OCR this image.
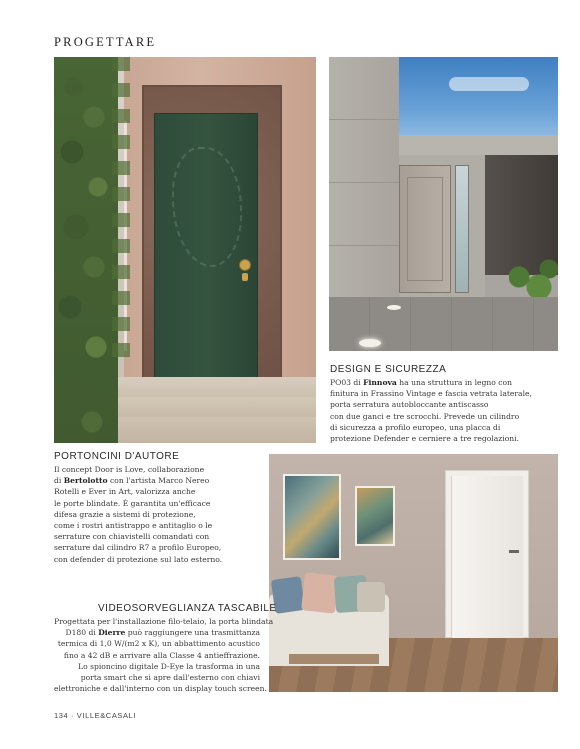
PROGETTARE
DESIGN E SICUREZZA
PO03 di Finnova ha una struttura in legno con
finitura in Frassino Vintage e fascia vetrata laterale,
porta serratura autobloccante antiscasso
con due ganci e tre scrocchi. Prevede un cilindro
di sicurezza a profilo europeo, una placca di
protezione Defender e cerniere a tre regolazioni.
PORTONCINI D'AUTORE
Il concept Door is Love, collaborazione
di Bertolotto con l'artista Marco Nereo
Rotelli e Ever in Art, valorizza anche
le porte blindate. È garantita un'efficace
difesa grazie a sistemi di protezione,
come i rostri antistrappo e antitaglio o le
serrature con chiavistelli comandati con
serrature dal cilindro R7 a profilo Europeo,
con defender di protezione sul lato esterno.
VIDEOSORVEGLIANZA TASCABILE
Progettata per l'installazione filo-telaio, la porta blindata
D180 di Dierre può raggiungere una trasmittanza
termica di 1,0 W/(m2 x K), un abbattimento acustico
fino a 42 dB e arrivare alla Classe 4 antieffrazione.
Lo spioncino digitale D-Eye la trasforma in una
porta smart che si apre dall'esterno con chiavi
elettroniche e dall'interno con un display touch screen.
134 · VILLE&CASALI
